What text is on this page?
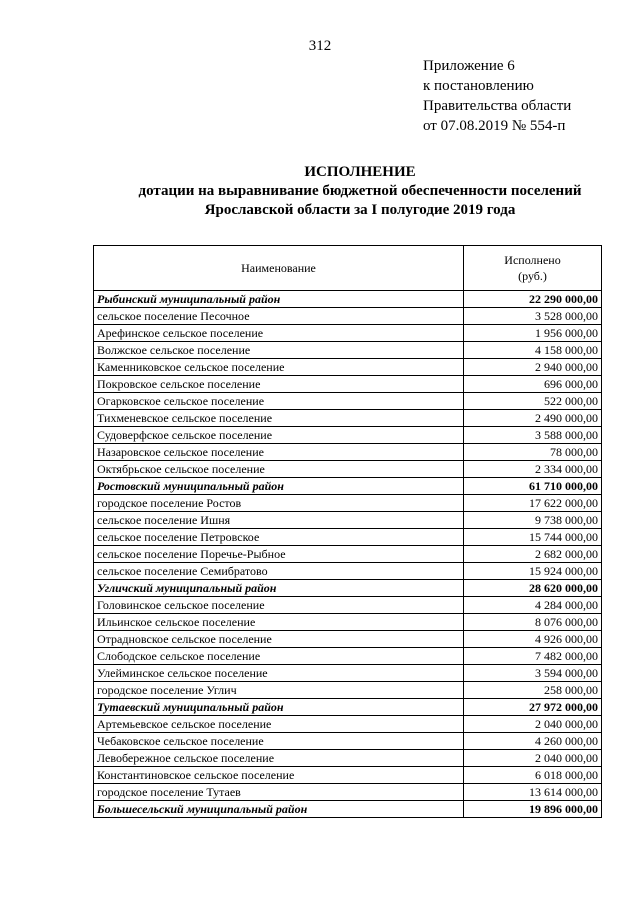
312
Приложение 6
к постановлению
Правительства области
от 07.08.2019 № 554-п
ИСПОЛНЕНИЕ
дотации на выравнивание бюджетной обеспеченности поселений
Ярославской области за I полугодие 2019 года
Наименование	Исполнено
(руб.)

Рыбинский муниципальный район	22 290 000,00
сельское поселение Песочное	3 528 000,00
Арефинское сельское поселение	1 956 000,00
Волжское сельское поселение	4 158 000,00
Каменниковское сельское поселение	2 940 000,00
Покровское сельское поселение	696 000,00
Огарковское сельское поселение	522 000,00
Тихменевское сельское поселение	2 490 000,00
Судоверфское сельское поселение	3 588 000,00
Назаровское сельское поселение	78 000,00
Октябрьское сельское поселение	2 334 000,00
Ростовский муниципальный район	61 710 000,00
городское поселение Ростов	17 622 000,00
сельское поселение Ишня	9 738 000,00
сельское поселение Петровское	15 744 000,00
сельское поселение Поречье-Рыбное	2 682 000,00
сельское поселение Семибратово	15 924 000,00
Угличский муниципальный район	28 620 000,00
Головинское сельское поселение	4 284 000,00
Ильинское сельское поселение	8 076 000,00
Отрадновское сельское поселение	4 926 000,00
Слободское сельское поселение	7 482 000,00
Улейминское сельское поселение	3 594 000,00
городское поселение Углич	258 000,00
Тутаевский муниципальный район	27 972 000,00
Артемьевское сельское поселение	2 040 000,00
Чебаковское сельское поселение	4 260 000,00
Левобережное сельское поселение	2 040 000,00
Константиновское сельское поселение	6 018 000,00
городское поселение Тутаев	13 614 000,00
Большесельский муниципальный район	19 896 000,00
